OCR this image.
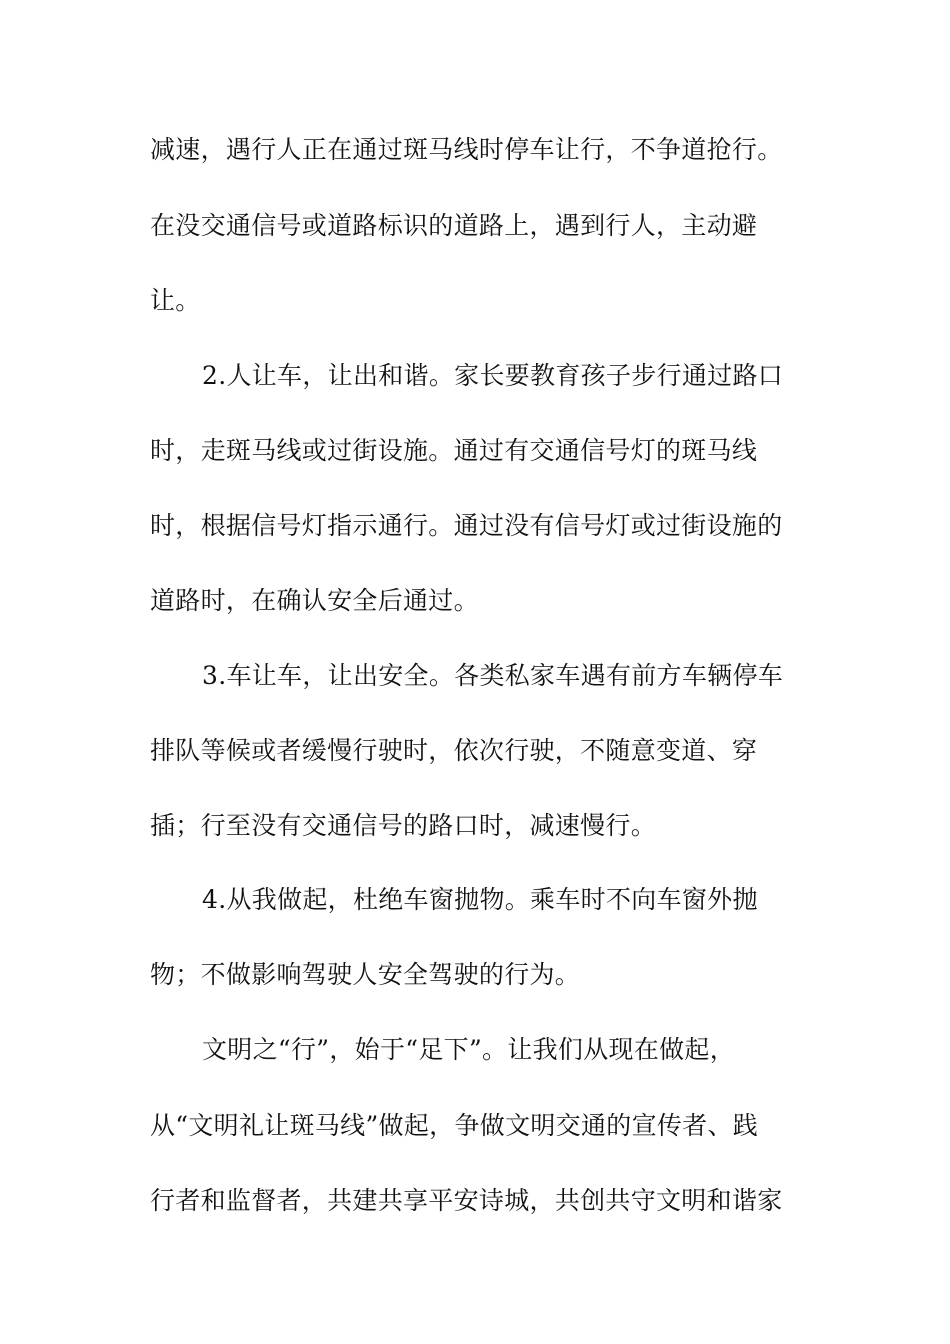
减速，遇行人正在通过斑马线时停车让行，不争道抢行。
在没交通信号或道路标识的道路上，遇到行人，主动避
让。
2.人让车，让出和谐。家长要教育孩子步行通过路口
时，走斑马线或过街设施。通过有交通信号灯的斑马线
时，根据信号灯指示通行。通过没有信号灯或过街设施的
道路时，在确认安全后通过。
3.车让车，让出安全。各类私家车遇有前方车辆停车
排队等候或者缓慢行驶时，依次行驶，不随意变道、穿
插；行至没有交通信号的路口时，减速慢行。
4.从我做起，杜绝车窗抛物。乘车时不向车窗外抛
物；不做影响驾驶人安全驾驶的行为。
文明之“行”，始于“足下”。让我们从现在做起，
从“文明礼让斑马线”做起，争做文明交通的宣传者、践
行者和监督者，共建共享平安诗城，共创共守文明和谐家
